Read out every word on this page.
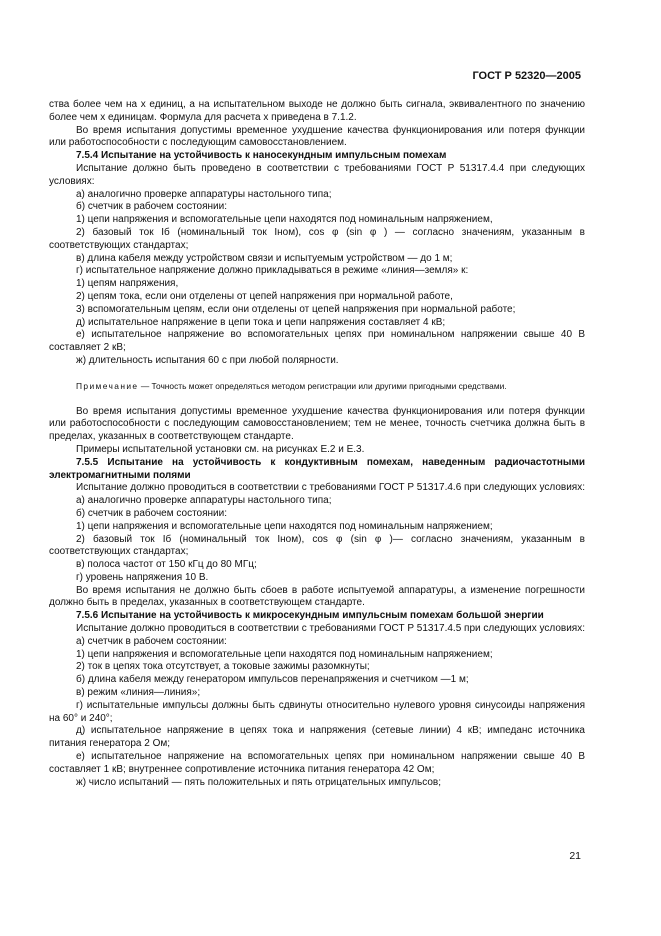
ГОСТ Р 52320—2005

ства более чем на x единиц, а на испытательном выходе не должно быть сигнала, эквивалентного по значению более чем x единицам. Формула для расчета x приведена в 7.1.2.

Во время испытания допустимы временное ухудшение качества функционирования или потеря функции или работоспособности с последующим самовосстановлением.

7.5.4 Испытание на устойчивость к наносекундным импульсным помехам

Испытание должно быть проведено в соответствии с требованиями ГОСТ Р 51317.4.4 при следующих условиях:

а) аналогично проверке аппаратуры настольного типа;

б) счетчик в рабочем состоянии:

1) цепи напряжения и вспомогательные цепи находятся под номинальным напряжением,

2) базовый ток Iб (номинальный ток Iном), cos φ (sin φ ) — согласно значениям, указанным в соответствующих стандартах;

в) длина кабеля между устройством связи и испытуемым устройством — до 1 м;

г) испытательное напряжение должно прикладываться в режиме «линия—земля» к:

1) цепям напряжения,

2) цепям тока, если они отделены от цепей напряжения при нормальной работе,

3) вспомогательным цепям, если они отделены от цепей напряжения при нормальной работе;

д) испытательное напряжение в цепи тока и цепи напряжения составляет 4 кВ;

е) испытательное напряжение во вспомогательных цепях при номинальном напряжении свыше 40 В составляет 2 кВ;

ж) длительность испытания 60 с при любой полярности.

Примечание — Точность может определяться методом регистрации или другими пригодными средствами.

Во время испытания допустимы временное ухудшение качества функционирования или потеря функции или работоспособности с последующим самовосстановлением; тем не менее, точность счетчика должна быть в пределах, указанных в соответствующем стандарте.

Примеры испытательной установки см. на рисунках Е.2 и Е.3.

7.5.5 Испытание на устойчивость к кондуктивным помехам, наведенным радиочастотными электромагнитными полями

Испытание должно проводиться в соответствии с требованиями ГОСТ Р 51317.4.6 при следующих условиях:

а) аналогично проверке аппаратуры настольного типа;

б) счетчик в рабочем состоянии:

1) цепи напряжения и вспомогательные цепи находятся под номинальным напряжением;

2) базовый ток Iб (номинальный ток Iном), cos φ (sin φ )— согласно значениям, указанным в соответствующих стандартах;

в) полоса частот от 150 кГц до 80 МГц;

г) уровень напряжения 10 В.

Во время испытания не должно быть сбоев в работе испытуемой аппаратуры, а изменение погрешности должно быть в пределах, указанных в соответствующем стандарте.

7.5.6 Испытание на устойчивость к микросекундным импульсным помехам большой энергии

Испытание должно проводиться в соответствии с требованиями ГОСТ Р 51317.4.5 при следующих условиях:

а) счетчик в рабочем состоянии:

1) цепи напряжения и вспомогательные цепи находятся под номинальным напряжением;

2) ток в цепях тока отсутствует, а токовые зажимы разомкнуты;

б) длина кабеля между генератором импульсов перенапряжения и счетчиком —1 м;

в) режим «линия—линия»;

г) испытательные импульсы должны быть сдвинуты относительно нулевого уровня синусоиды напряжения на 60° и 240°;

д) испытательное напряжение в цепях тока и напряжения (сетевые линии) 4 кВ; импеданс источника питания генератора 2 Ом;

е) испытательное напряжение на вспомогательных цепях при номинальном напряжении свыше 40 В составляет 1 кВ; внутреннее сопротивление источника питания генератора 42 Ом;

ж) число испытаний — пять положительных и пять отрицательных импульсов;

21
